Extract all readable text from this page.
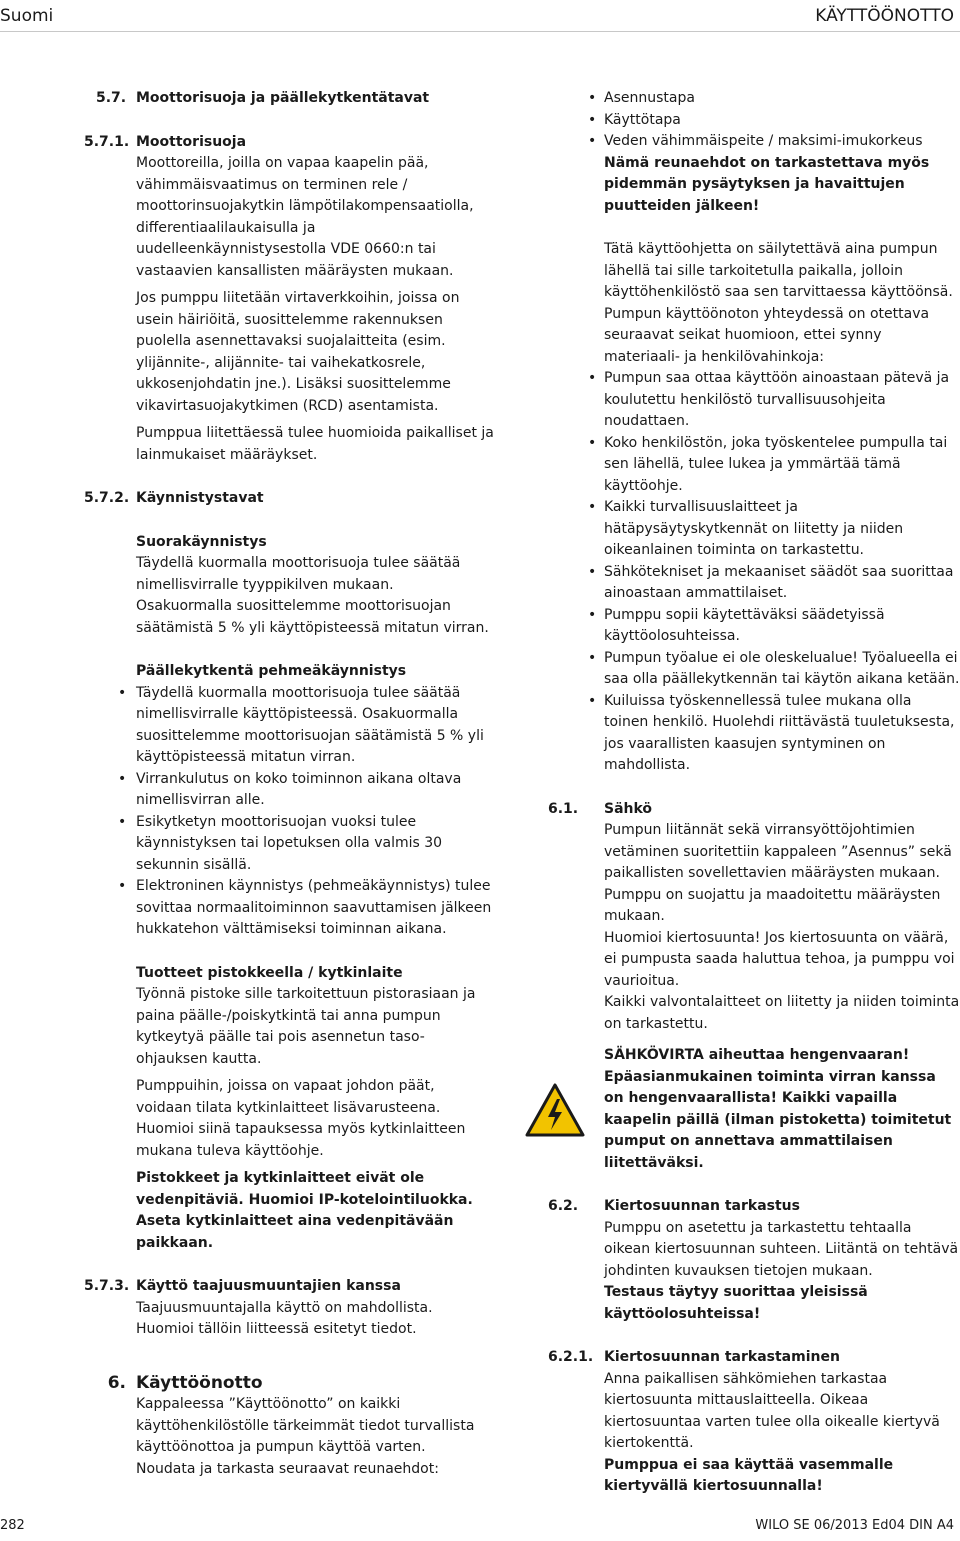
Suomi	KÄYTTÖÖNOTTO
5.7. Moottorisuoja ja päällekytkentätavat
5.7.1. Moottorisuoja

Moottoreilla, joilla on vapaa kaapelin pää, vähimmäisvaatimus on terminen rele / moottorinsuojakytkin lämpötilakompensaatiolla, differentiaalilaukaisulla ja uudelleenkäynnistysestolla VDE 0660:n tai vastaavien kansallisten määräysten mukaan.

Jos pumppu liitetään virtaverkkoihin, joissa on usein häiriöitä, suosittelemme rakennuksen puolella asennettavaksi suojalaitteita (esim. ylijännite-, alijännite- tai vaihekatkosrele, ukkosenjohdatin jne.). Lisäksi suosittelemme vikavirtasuojakytkimen (RCD) asentamista.

Pumppua liitettäessä tulee huomioida paikalliset ja lainmukaiset määräykset.

5.7.2. Käynnistystavat

Suorakäynnistys

Täydellä kuormalla moottorisuoja tulee säätää nimellisvirralle tyyppikilven mukaan. Osakuormalla suosittelemme moottorisuojan säätämistä 5 % yli käyttöpisteessä mitatun virran.

Päällekytkentä pehmeäkäynnistys

• Täydellä kuormalla moottorisuoja tulee säätää nimellisvirralle käyttöpisteessä. Osakuormalla suosittelemme moottorisuojan säätämistä 5 % yli käyttöpisteessä mitatun virran.
• Virrankulutus on koko toiminnon aikana oltava nimellisvirran alle.
• Esikytketyn moottorisuojan vuoksi tulee käynnistyksen tai lopetuksen olla valmis 30 sekunnin sisällä.
• Elektroninen käynnistys (pehmeäkäynnistys) tulee sovittaa normaalitoiminnon saavuttamisen jälkeen hukkatehon välttämiseksi toiminnan aikana.

Tuotteet pistokkeella / kytkinlaite

Työnnä pistoke sille tarkoitettuun pistorasiaan ja paina päälle-/poiskytkintä tai anna pumpun kytkeytyä päälle tai pois asennetun taso-ohjauksen kautta.

Pumppuihin, joissa on vapaat johdon päät, voidaan tilata kytkinlaitteet lisävarusteena. Huomioi siinä tapauksessa myös kytkinlaitteen mukana tuleva käyttöohje.

Pistokkeet ja kytkinlaitteet eivät ole vedenpitäviä. Huomioi IP-kotelointiluokka. Aseta kytkinlaitteet aina vedenpitävään paikkaan.

5.7.3. Käyttö taajuusmuuntajien kanssa

Taajuusmuuntajalla käyttö on mahdollista. Huomioi tällöin liitteessä esitetyt tiedot.

6. Käyttöönotto

Kappaleessa ”Käyttöönotto” on kaikki käyttöhenkilöstölle tärkeimmät tiedot turvallista käyttöönottoa ja pumpun käyttöä varten.

Noudata ja tarkasta seuraavat reunaehdot:

• Asennustapa
• Käyttötapa
• Veden vähimmäispeite / maksimi-imukorkeus

Nämä reunaehdot on tarkastettava myös pidemmän pysäytyksen ja havaittujen puutteiden jälkeen!

Tätä käyttöohjetta on säilytettävä aina pumpun lähellä tai sille tarkoitetulla paikalla, jolloin käyttöhenkilöstö saa sen tarvittaessa käyttöönsä.

Pumpun käyttöönoton yhteydessä on otettava seuraavat seikat huomioon, ettei synny materiaali- ja henkilövahinkoja:

• Pumpun saa ottaa käyttöön ainoastaan pätevä ja koulutettu henkilöstö turvallisuusohjeita noudattaen.
• Koko henkilöstön, joka työskentelee pumpulla tai sen lähellä, tulee lukea ja ymmärtää tämä käyttöohje.
• Kaikki turvallisuuslaitteet ja hätäpysäytyskytkennät on liitetty ja niiden oikeanlainen toiminta on tarkastettu.
• Sähkötekniset ja mekaaniset säädöt saa suorittaa ainoastaan ammattilaiset.
• Pumppu sopii käytettäväksi säädetyissä käyttöolosuhteissa.
• Pumpun työalue ei ole oleskelualue! Työalueella ei saa olla päällekytkennän tai käytön aikana ketään.
• Kuiluissa työskennellessä tulee mukana olla toinen henkilö. Huolehdi riittävästä tuuletuksesta, jos vaarallisten kaasujen syntyminen on mahdollista.
6.1.	Sähkö

Pumpun liitännät sekä virransyöttöjohtimien vetäminen suoritettiin kappaleen ”Asennus” sekä paikallisten sovellettavien määräysten mukaan.

Pumppu on suojattu ja maadoitettu määräysten mukaan.

Huomioi kiertosuunta! Jos kiertosuunta on väärä, ei pumpusta saada haluttua tehoa, ja pumppu voi vaurioitua.

Kaikki valvontalaitteet on liitetty ja niiden toiminta on tarkastettu.

SÄHKÖVIRTA aiheuttaa hengenvaaran! Epäasianmukainen toiminta virran kanssa on hengenvaarallista! Kaikki vapailla kaapelin päillä (ilman pistoketta) toimitetut pumput on annettava ammattilaisen liitettäväksi.

6.2.	Kiertosuunnan tarkastus

Pumppu on asetettu ja tarkastettu tehtaalla oikean kiertosuunnan suhteen. Liitäntä on tehtävä johdinten kuvauksen tietojen mukaan.

Testaus täytyy suorittaa yleisissä käyttöolosuhteissa!

6.2.1. Kiertosuunnan tarkastaminen

Anna paikallisen sähkömiehen tarkastaa kiertosuunta mittauslaitteella. Oikeaa kiertosuuntaa varten tulee olla oikealle kiertyvä kiertokenttä.

Pumppua ei saa käyttää vasemmalle kiertyvällä kiertosuunnalla!

282	WILO SE 06/2013 Ed04 DIN A4
